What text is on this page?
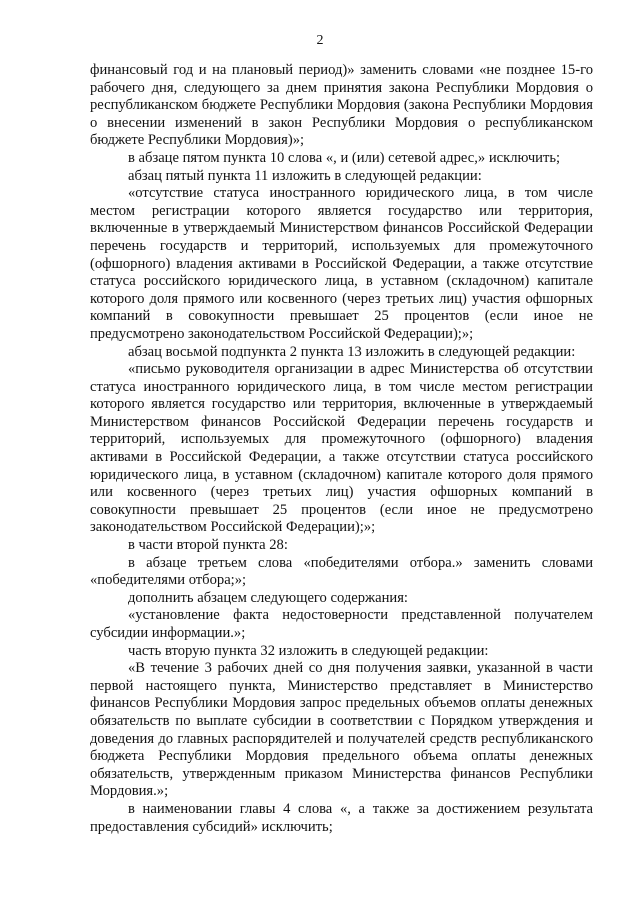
2

финансовый год и на плановый период)» заменить словами «не позднее 15-го рабочего дня, следующего за днем принятия закона Республики Мордовия о республиканском бюджете Республики Мордовия (закона Республики Мордовия о внесении изменений в закон Республики Мордовия о республиканском бюджете Республики Мордовия)»;

в абзаце пятом пункта 10 слова «, и (или) сетевой адрес,» исключить;

абзац пятый пункта 11 изложить в следующей редакции:

«отсутствие статуса иностранного юридического лица, в том числе местом регистрации которого является государство или территория, включенные в утверждаемый Министерством финансов Российской Федерации перечень государств и территорий, используемых для промежуточного (офшорного) владения активами в Российской Федерации, а также отсутствие статуса российского юридического лица, в уставном (складочном) капитале которого доля прямого или косвенного (через третьих лиц) участия офшорных компаний в совокупности превышает 25 процентов (если иное не предусмотрено законодательством Российской Федерации);»;

абзац восьмой подпункта 2 пункта 13 изложить в следующей редакции:

«письмо руководителя организации в адрес Министерства об отсутствии статуса иностранного юридического лица, в том числе местом регистрации которого является государство или территория, включенные в утверждаемый Министерством финансов Российской Федерации перечень государств и территорий, используемых для промежуточного (офшорного) владения активами в Российской Федерации, а также отсутствии статуса российского юридического лица, в уставном (складочном) капитале которого доля прямого или косвенного (через третьих лиц) участия офшорных компаний в совокупности превышает 25 процентов (если иное не предусмотрено законодательством Российской Федерации);»;

в части второй пункта 28:

в абзаце третьем слова «победителями отбора.» заменить словами «победителями отбора;»;

дополнить абзацем следующего содержания:

«установление факта недостоверности представленной получателем субсидии информации.»;

часть вторую пункта 32 изложить в следующей редакции:

«В течение 3 рабочих дней со дня получения заявки, указанной в части первой настоящего пункта, Министерство представляет в Министерство финансов Республики Мордовия запрос предельных объемов оплаты денежных обязательств по выплате субсидии в соответствии с Порядком утверждения и доведения до главных распорядителей и получателей средств республиканского бюджета Республики Мордовия предельного объема оплаты денежных обязательств, утвержденным приказом Министерства финансов Республики Мордовия.»;

в наименовании главы 4 слова «, а также за достижением результата предоставления субсидий» исключить;
